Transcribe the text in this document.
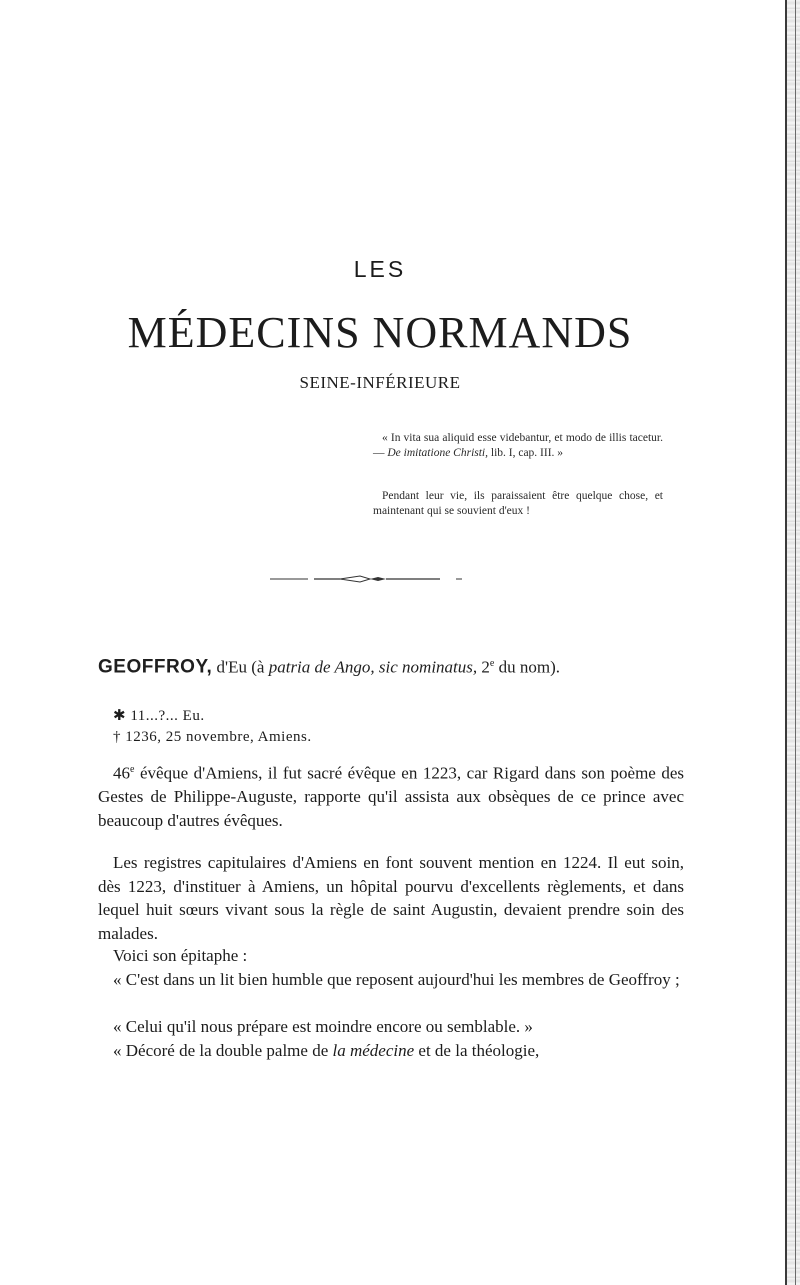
LES
MÉDECINS NORMANDS
SEINE-INFÉRIEURE
« In vita sua aliquid esse videbantur, et modo de illis tacetur. — De imitatione Christi, lib. I, cap. III. »
Pendant leur vie, ils paraissaient être quelque chose, et maintenant qui se souvient d'eux !
GEOFFROY, d'Eu (à patria de Ango, sic nominatus, 2e du nom).
✱ 11...?... Eu.
† 1236, 25 novembre, Amiens.
46e évêque d'Amiens, il fut sacré évêque en 1223, car Rigard dans son poème des Gestes de Philippe-Auguste, rapporte qu'il assista aux obsèques de ce prince avec beaucoup d'autres évêques.
Les registres capitulaires d'Amiens en font souvent mention en 1224. Il eut soin, dès 1223, d'instituer à Amiens, un hôpital pourvu d'excellents règlements, et dans lequel huit sœurs vivant sous la règle de saint Augustin, devaient prendre soin des malades.
Voici son épitaphe :
« C'est dans un lit bien humble que reposent aujourd'hui les membres de Geoffroy ;
« Celui qu'il nous prépare est moindre encore ou semblable. »
« Décoré de la double palme de la médecine et de la théologie,
